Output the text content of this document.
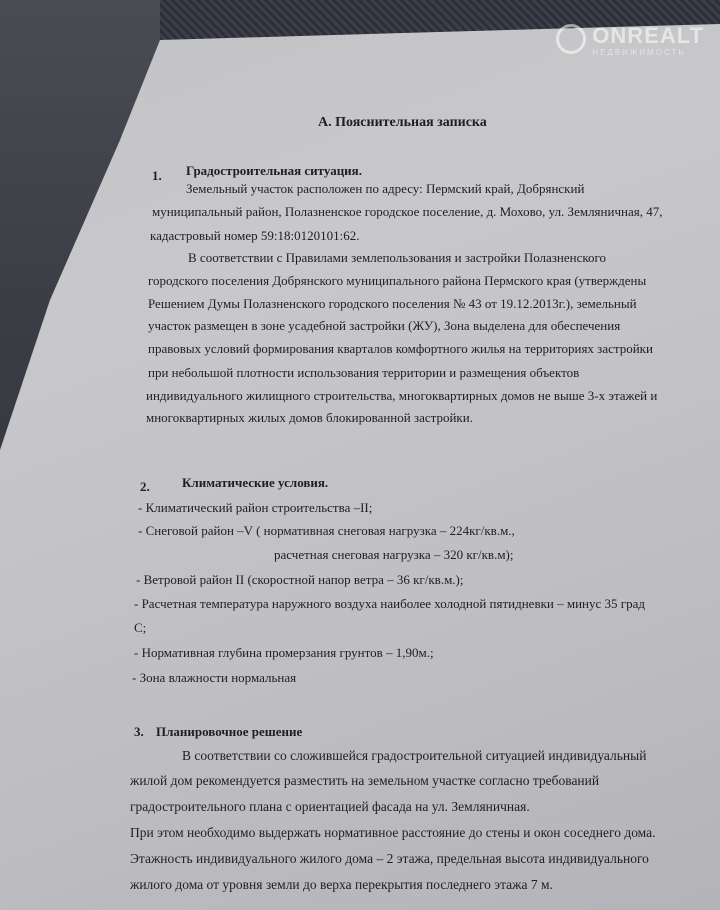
ONREALT
НЕДВИЖИМОСТЬ
А. Пояснительная записка
1. Градостроительная ситуация.
Земельный участок расположен по адресу: Пермский край, Добрянский
муниципальный район, Полазненское городское поселение, д. Мохово, ул. Земляничная, 47,
кадастровый номер 59:18:0120101:62.
В соответствии с Правилами землепользования и застройки Полазненского
городского поселения Добрянского муниципального района Пермского края (утверждены
Решением Думы Полазненского городского поселения № 43 от 19.12.2013г.), земельный
участок размещен в зоне усадебной застройки (ЖУ), Зона выделена для обеспечения
правовых условий формирования кварталов комфортного жилья на территориях застройки
при небольшой плотности использования территории и размещения объектов
индивидуального жилищного строительства, многоквартирных домов не выше 3-х этажей и
многоквартирных жилых домов блокированной застройки.
2. Климатические условия.
- Климатический район строительства –II;
- Снеговой район –V ( нормативная снеговая нагрузка – 224кг/кв.м.,
расчетная снеговая нагрузка – 320 кг/кв.м);
- Ветровой район II (скоростной напор ветра – 36 кг/кв.м.);
- Расчетная температура наружного воздуха наиболее холодной пятидневки – минус 35 град
С;
- Нормативная глубина промерзания грунтов – 1,90м.;
- Зона влажности нормальная
3. Планировочное решение
В соответствии со сложившейся градостроительной ситуацией индивидуальный
жилой дом рекомендуется разместить на земельном участке согласно требований
градостроительного плана с ориентацией фасада на ул. Земляничная.
При этом необходимо выдержать нормативное расстояние до стены и окон соседнего дома.
Этажность индивидуального жилого дома – 2 этажа, предельная высота индивидуального
жилого дома от уровня земли до верха перекрытия последнего этажа 7 м.
